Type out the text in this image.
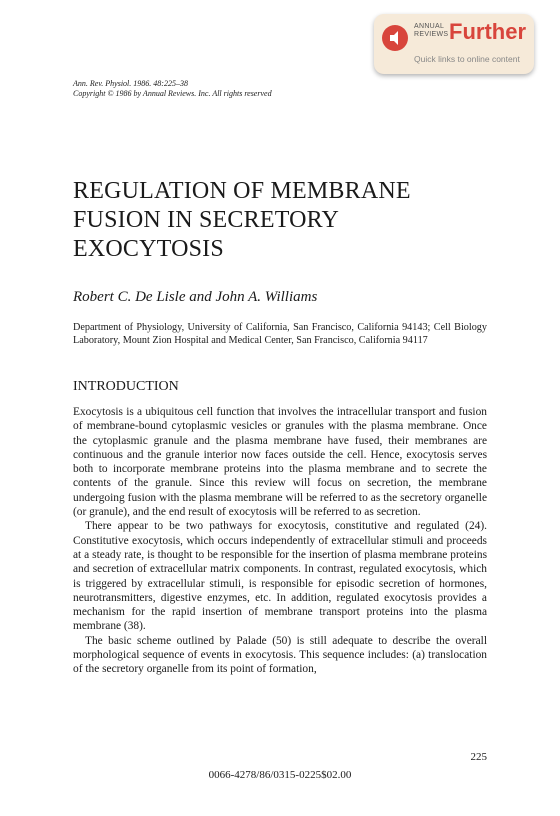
ANNUAL
REVIEWS Further
Quick links to online content
Ann. Rev. Physiol. 1986. 48:225–38
Copyright © 1986 by Annual Reviews. Inc. All rights reserved
REGULATION OF MEMBRANE
FUSION IN SECRETORY
EXOCYTOSIS
Robert C. De Lisle and John A. Williams
Department of Physiology, University of California, San Francisco, California 94143; Cell Biology Laboratory, Mount Zion Hospital and Medical Center, San Francisco, California 94117
INTRODUCTION

Exocytosis is a ubiquitous cell function that involves the intracellular transport and fusion of membrane-bound cytoplasmic vesicles or granules with the plasma membrane. Once the cytoplasmic granule and the plasma membrane have fused, their membranes are continuous and the granule interior now faces outside the cell. Hence, exocytosis serves both to incorporate membrane proteins into the plasma membrane and to secrete the contents of the granule. Since this review will focus on secretion, the membrane undergoing fusion with the plasma membrane will be referred to as the secretory organelle (or granule), and the end result of exocytosis will be referred to as secretion.

There appear to be two pathways for exocytosis, constitutive and regulated (24). Constitutive exocytosis, which occurs independently of extracellular stimuli and proceeds at a steady rate, is thought to be responsible for the insertion of plasma membrane proteins and secretion of extracellular matrix components. In contrast, regulated exocytosis, which is triggered by extracellular stimuli, is responsible for episodic secretion of hormones, neurotransmitters, digestive enzymes, etc. In addition, regulated exocytosis provides a mechanism for the rapid insertion of membrane transport proteins into the plasma membrane (38).

The basic scheme outlined by Palade (50) is still adequate to describe the overall morphological sequence of events in exocytosis. This sequence includes: (a) translocation of the secretory organelle from its point of formation,

225
0066-4278/86/0315-0225$02.00
